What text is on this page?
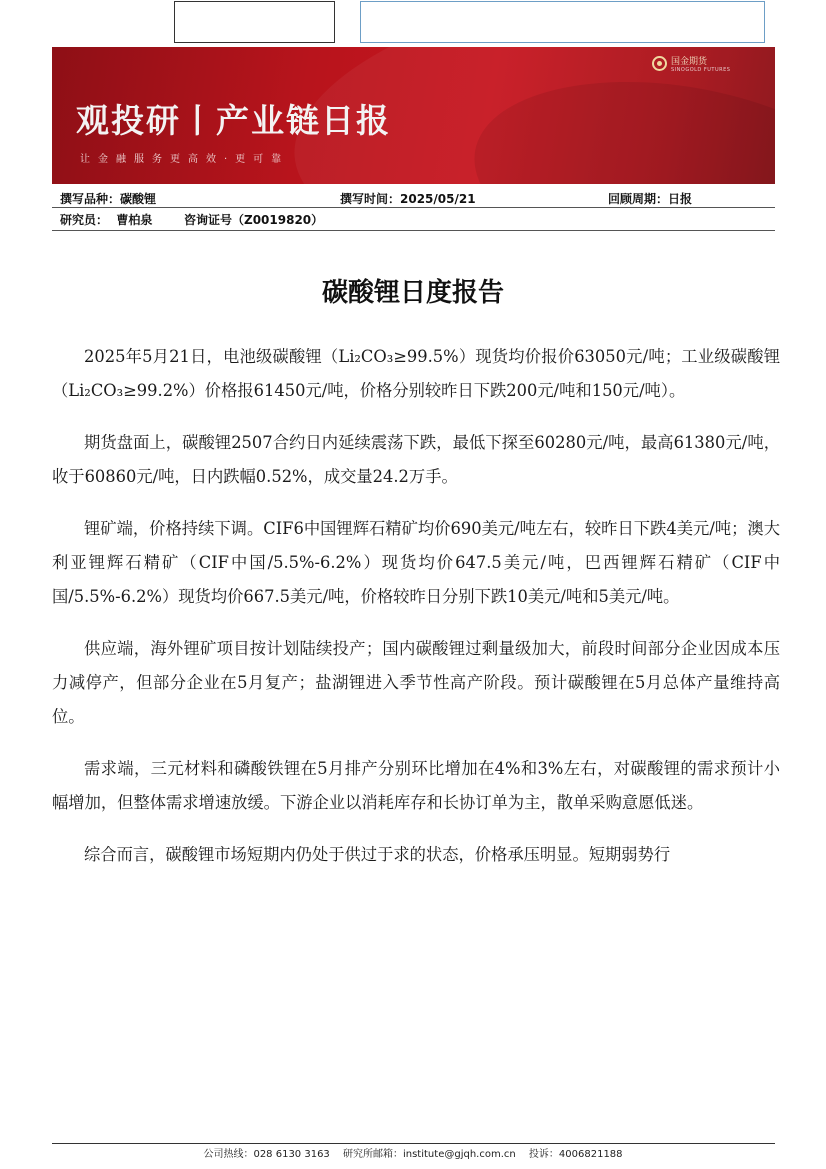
观投研丨产业链日报
让金融服务更高效·更可靠
国金期货
SINOGOLD FUTURES
撰写品种：碳酸锂	撰写时间：2025/05/21	回顾周期：日报
研究员：  曹柏泉	咨询证号（Z0019820）
碳酸锂日度报告

2025年5月21日，电池级碳酸锂（Li₂CO₃≥99.5%）现货均价报价63050元/吨；工业级碳酸锂（Li₂CO₃≥99.2%）价格报61450元/吨，价格分别较昨日下跌200元/吨和150元/吨）。

期货盘面上，碳酸锂2507合约日内延续震荡下跌，最低下探至60280元/吨，最高61380元/吨，收于60860元/吨，日内跌幅0.52%，成交量24.2万手。

锂矿端，价格持续下调。CIF6中国锂辉石精矿均价690美元/吨左右，较昨日下跌4美元/吨；澳大利亚锂辉石精矿（CIF中国/5.5%-6.2%）现货均价647.5美元/吨，巴西锂辉石精矿（CIF中国/5.5%-6.2%）现货均价667.5美元/吨，价格较昨日分别下跌10美元/吨和5美元/吨。

供应端，海外锂矿项目按计划陆续投产；国内碳酸锂过剩量级加大，前段时间部分企业因成本压力减停产，但部分企业在5月复产；盐湖锂进入季节性高产阶段。预计碳酸锂在5月总体产量维持高位。

需求端，三元材料和磷酸铁锂在5月排产分别环比增加在4%和3%左右，对碳酸锂的需求预计小幅增加，但整体需求增速放缓。下游企业以消耗库存和长协订单为主，散单采购意愿低迷。

综合而言，碳酸锂市场短期内仍处于供过于求的状态，价格承压明显。短期弱势行

公司热线：028 6130 3163 研究所邮箱：institute@gjqh.com.cn 投诉：4006821188
